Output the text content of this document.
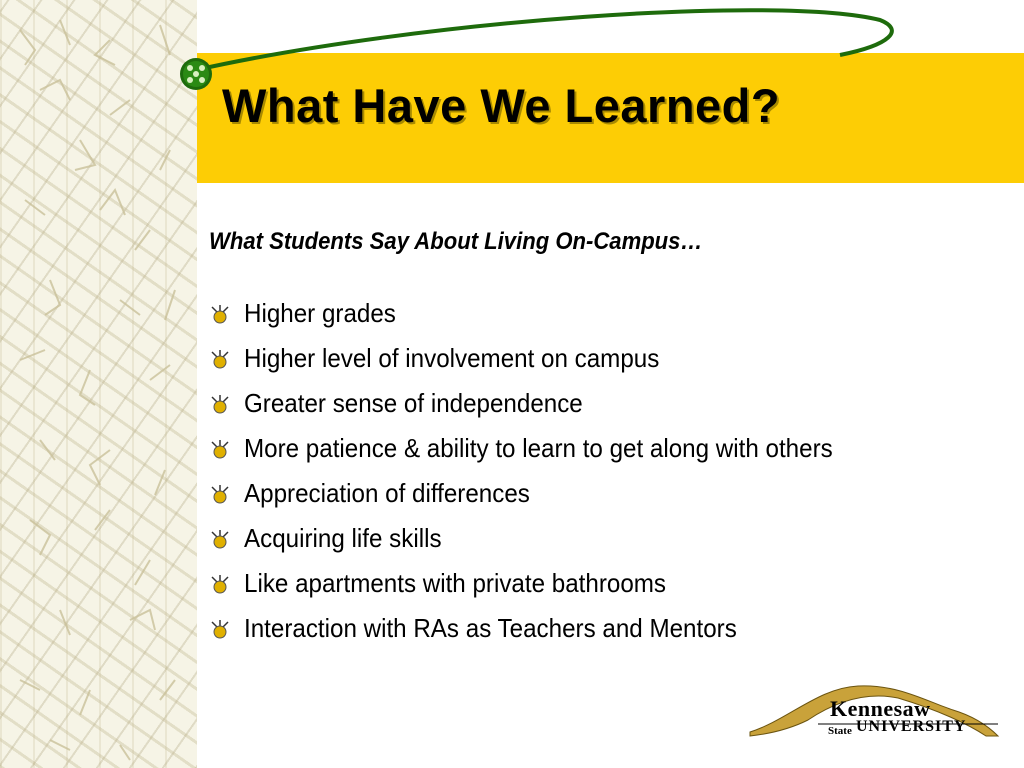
What Have We Learned?
What Students Say About Living On-Campus…
Higher grades
Higher level of involvement on campus
Greater sense of independence
More patience & ability to learn to get along with others
Appreciation of differences
Acquiring life skills
Like apartments with private bathrooms
Interaction with RAs as Teachers and Mentors
Kennesaw
State UNIVERSITY
